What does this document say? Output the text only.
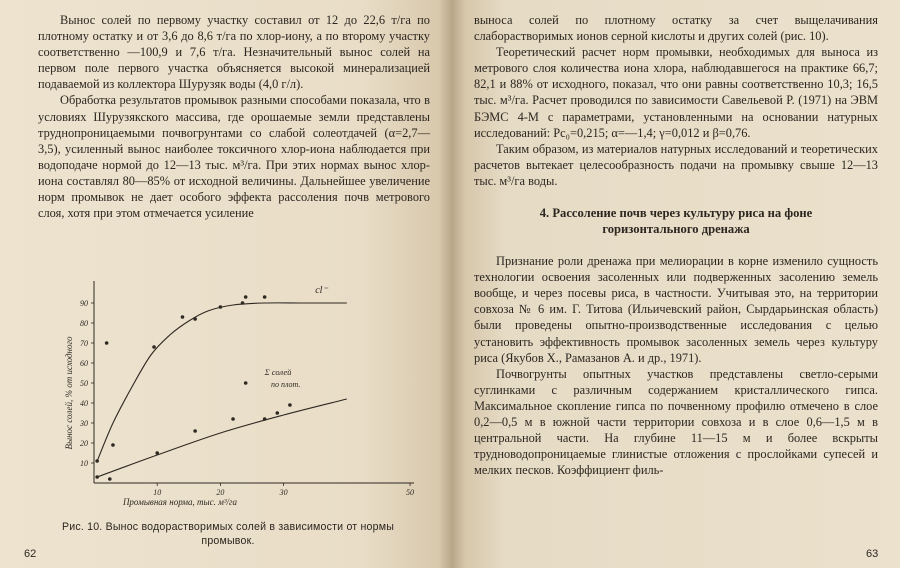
Вынос солей по первому участку составил от 12 до 22,6 т/га по плотному остатку и от 3,6 до 8,6 т/га по хлор-иону, а по второму участку соответственно —100,9 и 7,6 т/га. Незначительный вынос солей на первом поле первого участка объясняется высокой минерализацией подаваемой из коллектора Шурузяк воды (4,0 г/л).

Обработка результатов промывок разными способами показала, что в условиях Шурузякского массива, где орошаемые земли представлены труднопроницаемыми почвогрунтами со слабой солеотдачей (α=2,7—3,5), усиленный вынос наиболее токсичного хлор-иона наблюдается при водоподаче нормой до 12—13 тыс. м³/га. При этих нормах вынос хлор-иона составлял 80—85% от исходной величины. Дальнейшее увеличение норм промывок не дает особого эффекта рассоления почв метрового слоя, хотя при этом отмечается усиление

10
20
30
40
50
60
70
80
90
10	20	30	50
Промывная норма, тыс. м³/га
Вынос солей, % от исходного
cl⁻
Σ солей
по плот.
Рис. 10. Вынос водорастворимых солей в зависимости от нормы промывок.
62

выноса солей по плотному остатку за счет выщелачивания слаборастворимых ионов серной кислоты и других солей (рис. 10).

Теоретический расчет норм промывки, необходимых для выноса из метрового слоя количества иона хлора, наблюдавшегося на практике 66,7; 82,1 и 88% от исходного, показал, что они равны соответственно 10,3; 16,5 тыс. м³/га. Расчет проводился по зависимости Савельевой Р. (1971) на ЭВМ БЭМС 4-М с параметрами, установленными на основании натурных исследований: Pc₀=0,215; α=—1,4; γ=0,012 и β=0,76.

Таким образом, из материалов натурных исследований и теоретических расчетов вытекает целесообразность подачи на промывку свыше 12—13 тыс. м³/га воды.

4. Рассоление почв через культуру риса на фоне
горизонтального дренажа

Признание роли дренажа при мелиорации в корне изменило сущность технологии освоения засоленных или подверженных засолению земель вообще, и через посевы риса, в частности. Учитывая это, на территории совхоза № 6 им. Г. Титова (Ильичевский район, Сырдарьинская область) были проведены опытно-производственные исследования с целью установить эффективность промывок засоленных земель через культуру риса (Якубов Х., Рамазанов А. и др., 1971).

Почвогрунты опытных участков представлены светло-серыми суглинками с различным содержанием кристаллического гипса. Максимальное скопление гипса по почвенному профилю отмечено в слое 0,2—0,5 м в южной части территории совхоза и в слое 0,6—1,5 м в центральной части. На глубине 11—15 м и более вскрыты трудноводопроницаемые глинистые отложения с прослойками супесей и мелких песков. Коэффициент филь-

63
